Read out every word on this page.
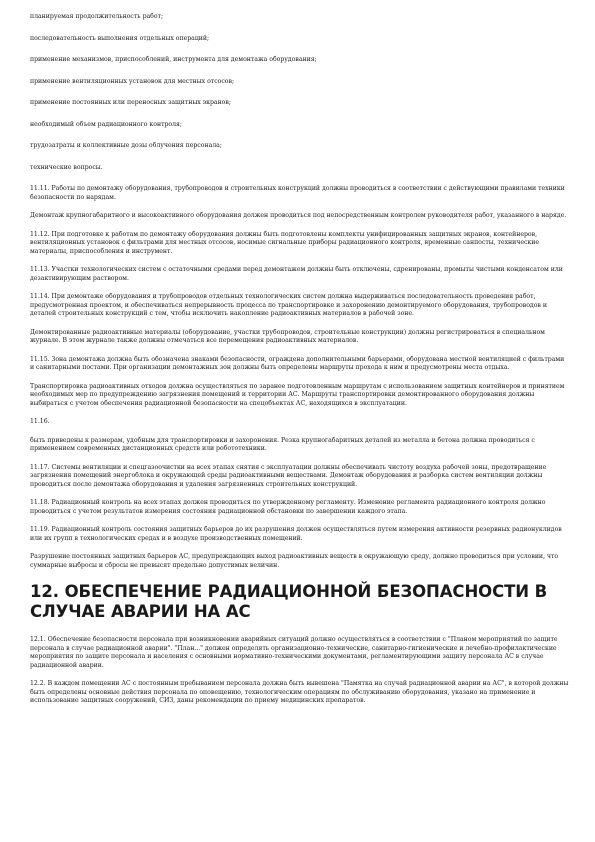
планируемая продолжительность работ;

последовательность выполнения отдельных операций;

применение механизмов, приспособлений, инструмента для демонтажа оборудования;

применение вентиляционных установок для местных отсосов;

применение постоянных или переносных защитных экранов;

необходимый объем радиационного контроля;

трудозатраты и коллективные дозы облучения персонала;

технические вопросы.

11.11. Работы по демонтажу оборудования, трубопроводов и строительных конструкций должны проводиться в соответствии с действующими правилами техники безопасности по нарядам.

Демонтаж крупногабаритного и высокоактивного оборудования должен проводиться под непосредственным контролем руководителя работ, указанного в наряде.

11.12. При подготовке к работам по демонтажу оборудования должны быть подготовлены комплекты унифицированных защитных экранов, контейнеров, вентиляционных установок с фильтрами для местных отсосов, носимые сигнальные приборы радиационного контроля, временные санпосты, технические материалы, приспособления и инструмент.

11.13. Участки технологических систем с остаточными средами перед демонтажем должны быть отключены, сдренированы, промыты чистыми конденсатом или дезактивирующим раствором.

11.14. При демонтаже оборудования и трубопроводов отдельных технологических систем должна выдерживаться последовательность проведения работ, предусмотренная проектом, и обеспечиваться непрерывность процесса по транспортировке и захоронению демонтируемого оборудования, трубопроводов и деталей строительных конструкций с тем, чтобы исключить накопление радиоактивных материалов в рабочей зоне.

Демонтированные радиоактивные материалы (оборудование, участки трубопроводов, строительные конструкции) должны регистрироваться в специальном журнале. В этом журнале также должны отмечаться все перемещения радиоактивных материалов.

11.15. Зона демонтажа должна быть обозначена знаками безопасности, ограждена дополнительными барьерами, оборудована местной вентиляцией с фильтрами и санитарными постами. При организации демонтажных зон должны быть определены маршруты прохода к ним и предусмотрены места отдыха.

Транспортировка радиоактивных отходов должна осуществляться по заранее подготовленным маршрутам с использованием защитных контейнеров и принятием необходимых мер по предупреждению загрязнения помещений и территории АС. Маршруты транспортировки демонтированного оборудования должны выбираться с учетом обеспечения радиационной безопасности на спецобъектах АС, находящихся в эксплуатации.

11.16.

быть приведены к размерам, удобным для транспортировки и захоронения. Резка крупногабаритных деталей из металла и бетона должна проводиться с применением современных дистанционных средств или робототехники.

11.17. Системы вентиляции и спецгазоочистки на всех этапах снятия с эксплуатации должны обеспечивать чистоту воздуха рабочей зоны, предотвращение загрязнения помещений энергоблока и окружающей среды радиоактивными веществами. Демонтаж оборудования и разборка систем вентиляции должны проводиться после демонтажа оборудования и удаления загрязненных строительных конструкций.

11.18. Радиационный контроль на всех этапах должен проводиться по утвержденному регламенту. Изменение регламента радиационного контроля должно проводиться с учетом результатов измерения состояния радиационной обстановки по завершении каждого этапа.

11.19. Радиационный контроль состояния защитных барьеров до их разрушения должен осуществляться путем измерения активности резервных радионуклидов или их групп в технологических средах и в воздухе производственных помещений.

Разрушение постоянных защитных барьеров АС, предупреждающих выход радиоактивных веществ в окружающую среду, должно проводиться при условии, что суммарные выбросы и сбросы не превысят предельно допустимых величин.

12. ОБЕСПЕЧЕНИЕ РАДИАЦИОННОЙ БЕЗОПАСНОСТИ В СЛУЧАЕ АВАРИИ НА АС

12.1. Обеспечение безопасности персонала при возникновении аварийных ситуаций должно осуществляться в соответствии с "Планом мероприятий по защите персонала в случае радиационной аварии". "План..." должен определять организационно-технические, санитарно-гигиенические и лечебно-профилактические мероприятия по защите персонала и населения с основными нормативно-техническими документами, регламентирующими защиту персонала АС в случае радиационной аварии.

12.2. В каждом помещении АС с постоянным пребыванием персонала должна быть вывешена "Памятка на случай радиационной аварии на АС", в которой должны быть определены основные действия персонала по оповещению, технологическим операциям по обслуживанию оборудования, указано на применение и использование защитных сооружений, СИЗ, даны рекомендации по приему медицинских препаратов.
